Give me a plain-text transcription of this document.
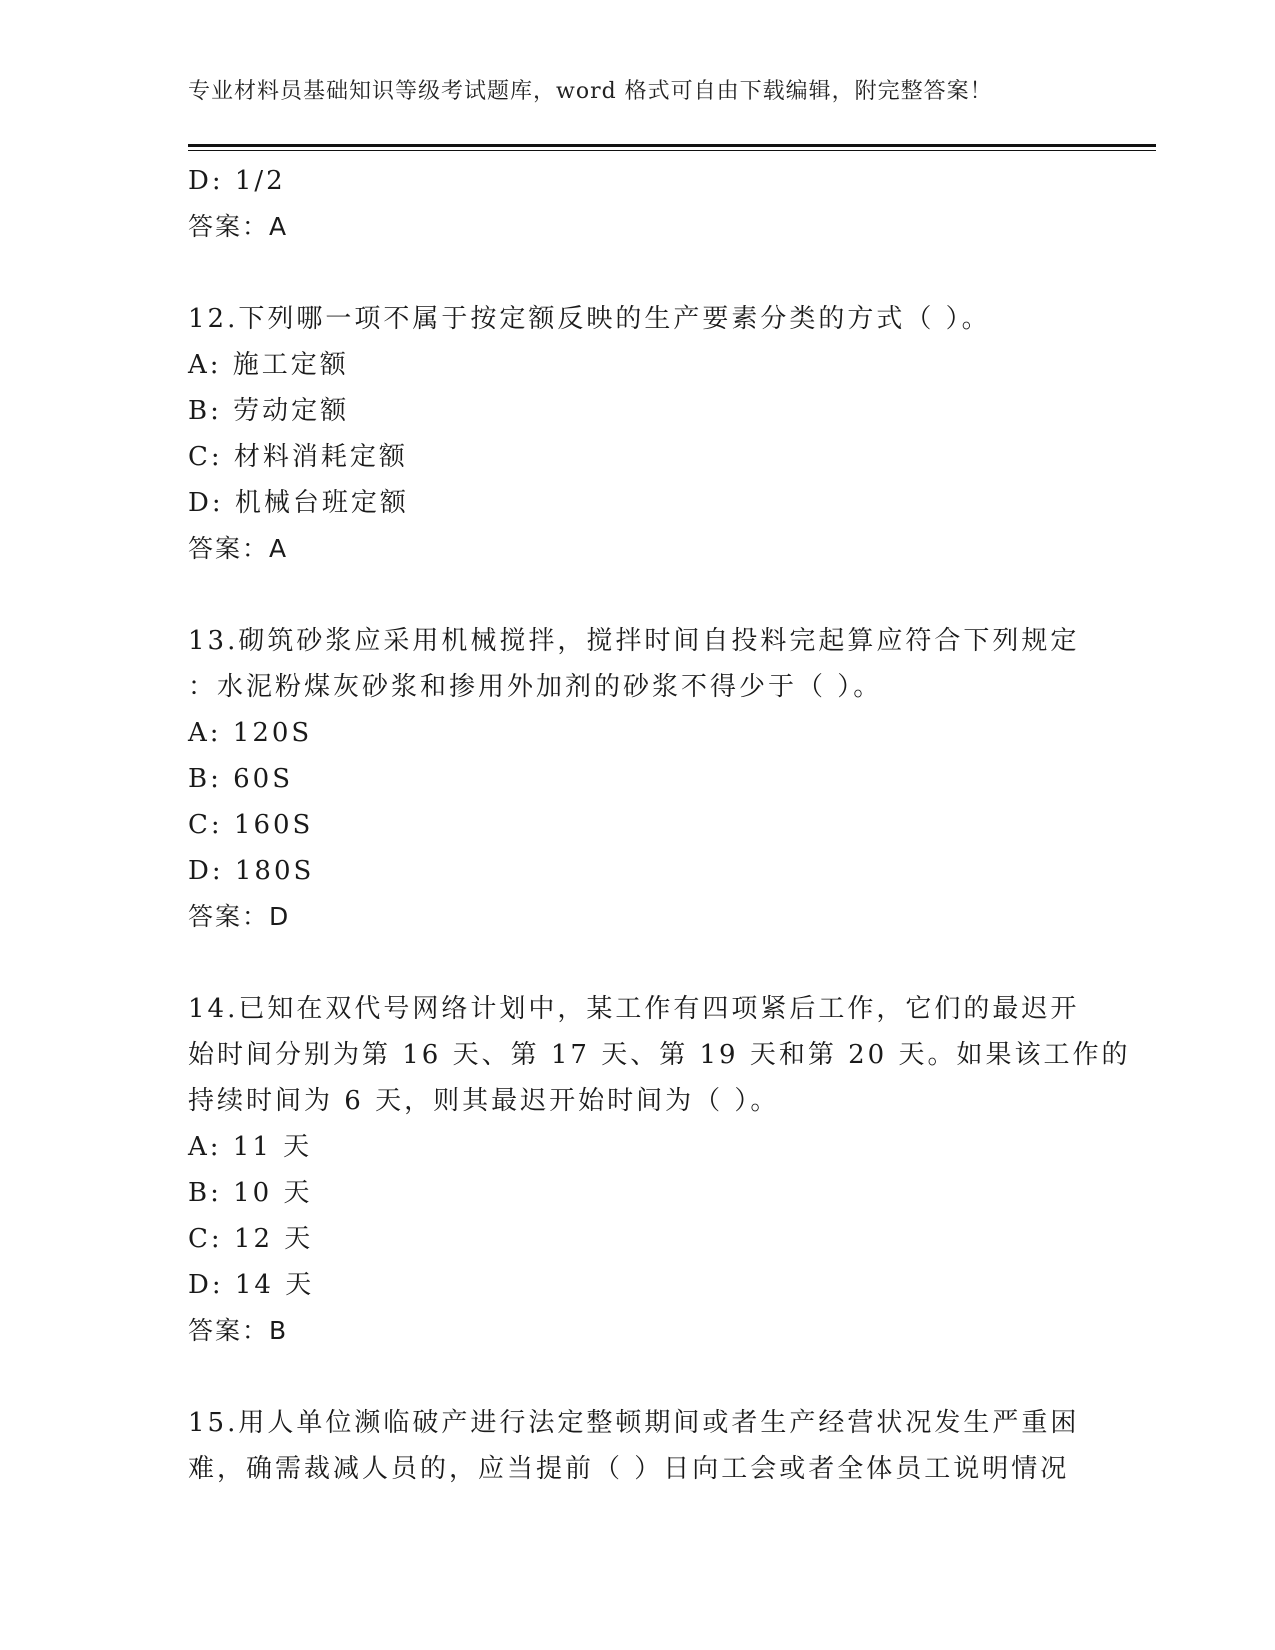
专业材料员基础知识等级考试题库，word 格式可自由下载编辑，附完整答案！
D: 1/2
答案：A
12.下列哪一项不属于按定额反映的生产要素分类的方式（ ）。
A: 施工定额
B: 劳动定额
C: 材料消耗定额
D: 机械台班定额
答案：A
13.砌筑砂浆应采用机械搅拌，搅拌时间自投料完起算应符合下列规定
：水泥粉煤灰砂浆和掺用外加剂的砂浆不得少于（ ）。
A: 120S
B: 60S
C: 160S
D: 180S
答案：D
14.已知在双代号网络计划中，某工作有四项紧后工作，它们的最迟开
始时间分别为第 16 天、第 17 天、第 19 天和第 20 天。如果该工作的
持续时间为 6 天，则其最迟开始时间为（ ）。
A: 11 天
B: 10 天
C: 12 天
D: 14 天
答案：B
15.用人单位濒临破产进行法定整顿期间或者生产经营状况发生严重困
难，确需裁减人员的，应当提前（ ）日向工会或者全体员工说明情况
